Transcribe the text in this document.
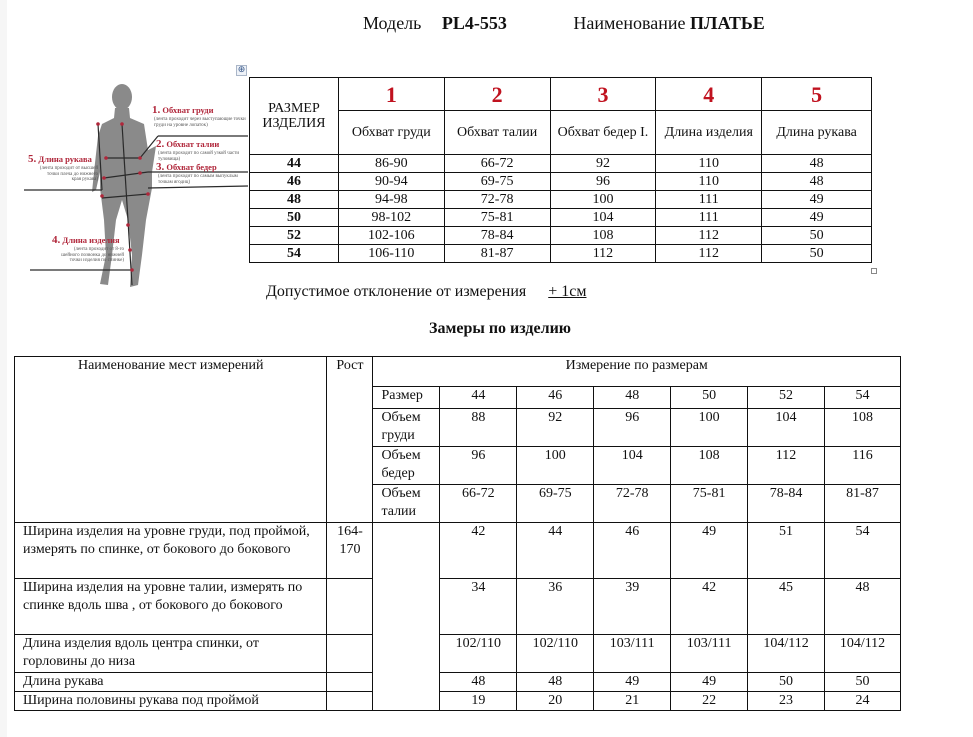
Модель PL4-553	Наименование ПЛАТЬЕ
1. Обхват груди
(лента проходит через выступающие точки груди на уровне лопаток)
2. Обхват талии
(лента проходит по самой узкой части туловища)
3. Обхват бедер
(лента проходит по самым выпуклым точкам ягодиц)
5. Длина рукава
(лента проходит от высшей точки плеча до нижнего края рукава)
4. Длина изделия
(лента проходит от 8-го шейного позвонка до нижней точки изделия по спинке)
⊕
РАЗМЕР ИЗДЕЛИЯ	1	2	3	4	5
	Обхват груди	Обхват талии	Обхват бедер I.	Длина изделия	Длина рукава
44	86-90	66-72	92	110	48
46	90-94	69-75	96	110	48
48	94-98	72-78	100	111	49
50	98-102	75-81	104	111	49
52	102-106	78-84	108	112	50
54	106-110	81-87	112	112	50
Допустимое отклонение от измерения + 1см
Замеры по изделию
Наименование мест измерений	Рост	Измерение по размерам						
		Размер	44	46	48	50	52	54
		Объем груди	88	92	96	100	104	108
		Объем бедер	96	100	104	108	112	116
		Объем талии	66-72	69-75	72-78	75-81	78-84	81-87
Ширина изделия на уровне груди, под проймой, измерять по спинке, от бокового до бокового	164-170		42	44	46	49	51	54
Ширина изделия на уровне талии, измерять по спинке вдоль шва , от бокового до бокового			34	36	39	42	45	48
Длина изделия вдоль центра спинки, от горловины до низа			102/110	102/110	103/111	103/111	104/112	104/112
Длина рукава			48	48	49	49	50	50
Ширина половины рукава под проймой			19	20	21	22	23	24
